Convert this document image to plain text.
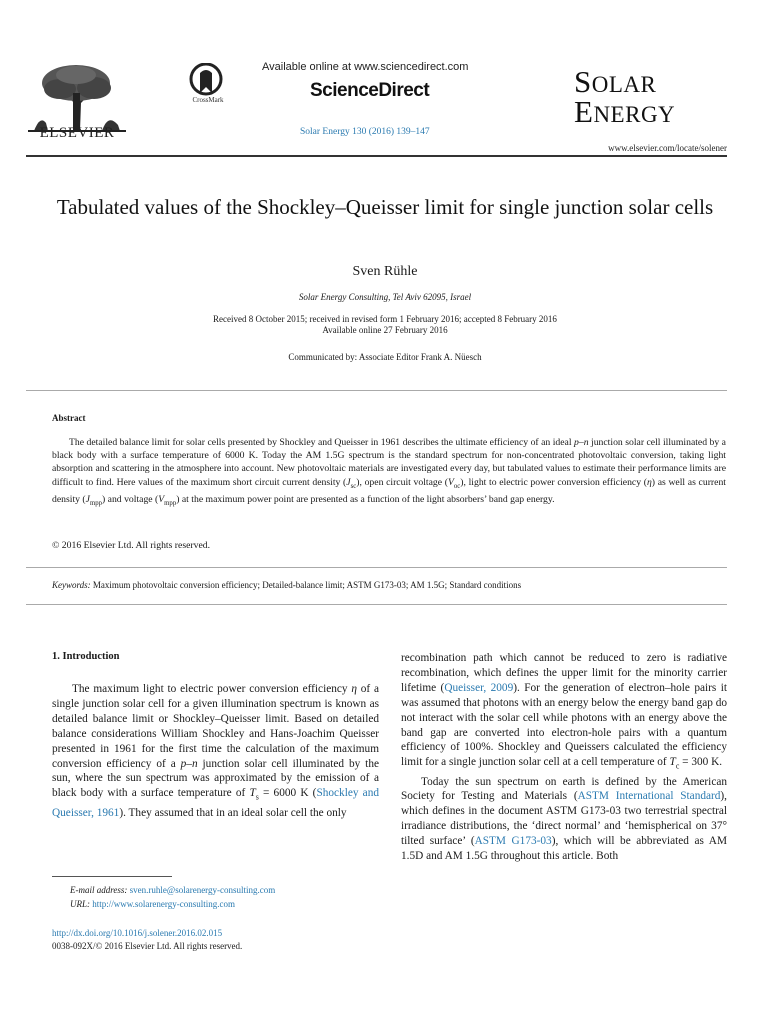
ELSEVIER
CrossMark
Available online at www.sciencedirect.com
ScienceDirect
Solar Energy 130 (2016) 139–147
SOLAR
ENERGY
www.elsevier.com/locate/solener
Tabulated values of the Shockley–Queisser limit for single junction solar cells
Sven Rühle
Solar Energy Consulting, Tel Aviv 62095, Israel
Received 8 October 2015; received in revised form 1 February 2016; accepted 8 February 2016
Available online 27 February 2016
Communicated by: Associate Editor Frank A. Nüesch
Abstract

The detailed balance limit for solar cells presented by Shockley and Queisser in 1961 describes the ultimate efficiency of an ideal p–n junction solar cell illuminated by a black body with a surface temperature of 6000 K. Today the AM 1.5G spectrum is the standard spectrum for non-concentrated photovoltaic conversion, taking light absorption and scattering in the atmosphere into account. New photovoltaic materials are investigated every day, but tabulated values to estimate their performance limits are difficult to find. Here values of the maximum short circuit current density $(J_{sc})$, open circuit voltage $(V_{oc})$, light to electric power conversion efficiency (η) as well as current density $(J_{mpp})$ and voltage $(V_{mpp})$ at the maximum power point are presented as a function of the light absorbers’ band gap energy.

© 2016 Elsevier Ltd. All rights reserved.
Keywords: Maximum photovoltaic conversion efficiency; Detailed-balance limit; ASTM G173-03; AM 1.5G; Standard conditions
1. Introduction

The maximum light to electric power conversion efficiency η of a single junction solar cell for a given illumination spectrum is known as detailed balance limit or Shockley–Queisser limit. Based on detailed balance considerations William Shockley and Hans-Joachim Queisser presented in 1961 for the first time the calculation of the maximum conversion efficiency of a p–n junction solar cell illuminated by the sun, where the sun spectrum was approximated by the emission of a black body with a surface temperature of $T_s = 6000$ K (Shockley and Queisser, 1961). They assumed that in an ideal solar cell the only

recombination path which cannot be reduced to zero is radiative recombination, which defines the upper limit for the minority carrier lifetime (Queisser, 2009). For the generation of electron–hole pairs it was assumed that photons with an energy below the energy band gap do not interact with the solar cell while photons with an energy above the band gap are converted into electron-hole pairs with a quantum efficiency of 100%. Shockley and Queissers calculated the efficiency limit for a single junction solar cell at a cell temperature of $T_c = 300$ K.

Today the sun spectrum on earth is defined by the American Society for Testing and Materials (ASTM International Standard), which defines in the document ASTM G173-03 two terrestrial spectral irradiance distributions, the ‘direct normal’ and ‘hemispherical on 37° tilted surface’ (ASTM G173-03), which will be abbreviated as AM 1.5D and AM 1.5G throughout this article. Both

E-mail address: sven.ruhle@solarenergy-consulting.com
URL: http://www.solarenergy-consulting.com
http://dx.doi.org/10.1016/j.solener.2016.02.015
0038-092X/© 2016 Elsevier Ltd. All rights reserved.
